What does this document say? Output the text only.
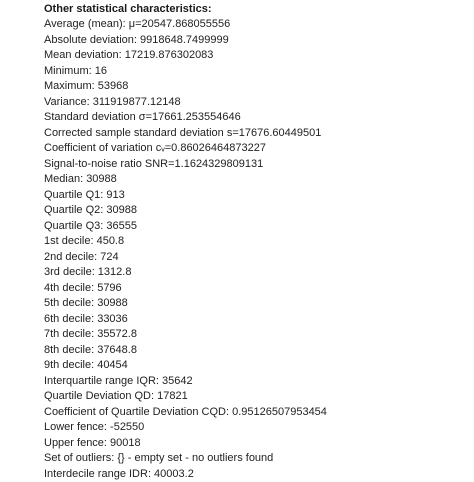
Other statistical characteristics:
Average (mean): μ=20547.868055556
Absolute deviation: 9918648.7499999
Mean deviation: 17219.876302083
Minimum: 16
Maximum: 53968
Variance: 311919877.12148
Standard deviation σ=17661.253554646
Corrected sample standard deviation s=17676.60449501
Coefficient of variation cᵥ=0.86026464873227
Signal-to-noise ratio SNR=1.1624329809131
Median: 30988
Quartile Q1: 913
Quartile Q2: 30988
Quartile Q3: 36555
1st decile: 450.8
2nd decile: 724
3rd decile: 1312.8
4th decile: 5796
5th decile: 30988
6th decile: 33036
7th decile: 35572.8
8th decile: 37648.8
9th decile: 40454
Interquartile range IQR: 35642
Quartile Deviation QD: 17821
Coefficient of Quartile Deviation CQD: 0.95126507953454
Lower fence: -52550
Upper fence: 90018
Set of outliers: {} - empty set - no outliers found
Interdecile range IDR: 40003.2
